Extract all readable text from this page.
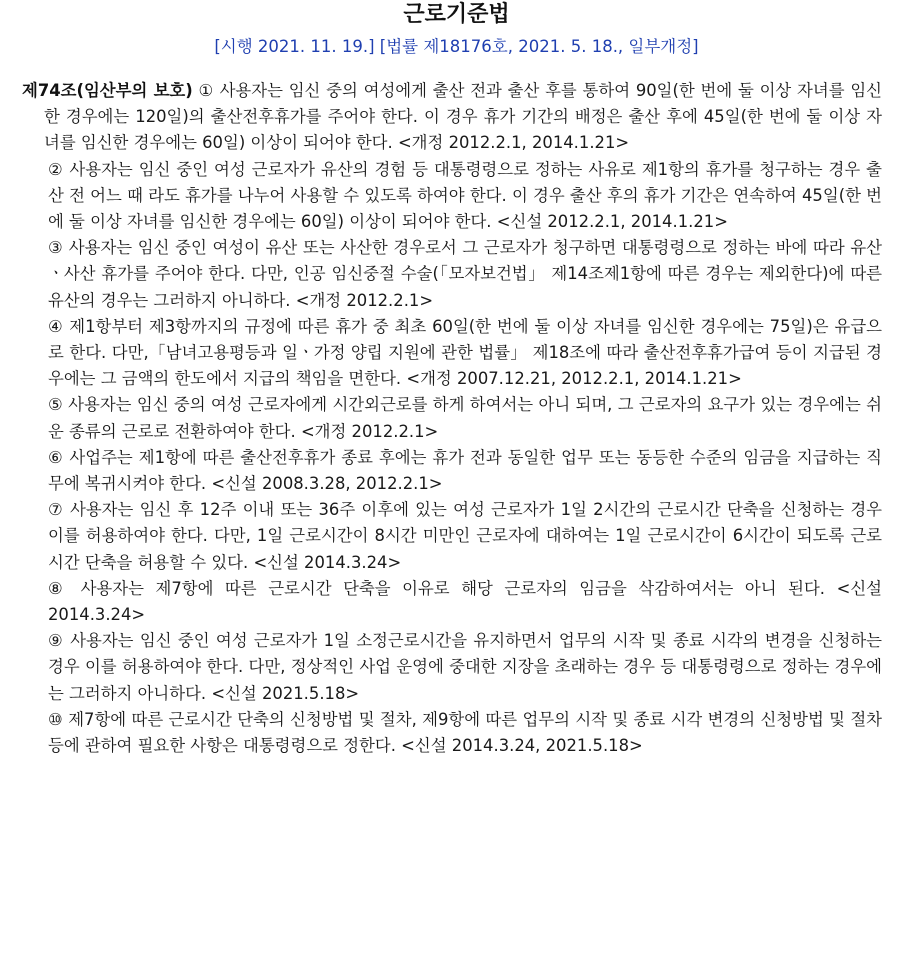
근로기준법
[시행 2021. 11. 19.] [법률 제18176호, 2021. 5. 18., 일부개정]

제74조(임산부의 보호) ① 사용자는 임신 중의 여성에게 출산 전과 출산 후를 통하여 90일(한 번에 둘 이상 자녀를 임신한 경우에는 120일)의 출산전후휴가를 주어야 한다. 이 경우 휴가 기간의 배정은 출산 후에 45일(한 번에 둘 이상 자녀를 임신한 경우에는 60일) 이상이 되어야 한다. <개정 2012.2.1, 2014.1.21>

② 사용자는 임신 중인 여성 근로자가 유산의 경험 등 대통령령으로 정하는 사유로 제1항의 휴가를 청구하는 경우 출산 전 어느 때 라도 휴가를 나누어 사용할 수 있도록 하여야 한다. 이 경우 출산 후의 휴가 기간은 연속하여 45일(한 번에 둘 이상 자녀를 임신한 경우에는 60일) 이상이 되어야 한다. <신설 2012.2.1, 2014.1.21>

③ 사용자는 임신 중인 여성이 유산 또는 사산한 경우로서 그 근로자가 청구하면 대통령령으로 정하는 바에 따라 유산ㆍ사산 휴가를 주어야 한다. 다만, 인공 임신중절 수술(「모자보건법」 제14조제1항에 따른 경우는 제외한다)에 따른 유산의 경우는 그러하지 아니하다. <개정 2012.2.1>

④ 제1항부터 제3항까지의 규정에 따른 휴가 중 최초 60일(한 번에 둘 이상 자녀를 임신한 경우에는 75일)은 유급으로 한다. 다만,「남녀고용평등과 일ㆍ가정 양립 지원에 관한 법률」 제18조에 따라 출산전후휴가급여 등이 지급된 경우에는 그 금액의 한도에서 지급의 책임을 면한다. <개정 2007.12.21, 2012.2.1, 2014.1.21>

⑤ 사용자는 임신 중의 여성 근로자에게 시간외근로를 하게 하여서는 아니 되며, 그 근로자의 요구가 있는 경우에는 쉬운 종류의 근로로 전환하여야 한다. <개정 2012.2.1>

⑥ 사업주는 제1항에 따른 출산전후휴가 종료 후에는 휴가 전과 동일한 업무 또는 동등한 수준의 임금을 지급하는 직무에 복귀시켜야 한다. <신설 2008.3.28, 2012.2.1>

⑦ 사용자는 임신 후 12주 이내 또는 36주 이후에 있는 여성 근로자가 1일 2시간의 근로시간 단축을 신청하는 경우 이를 허용하여야 한다. 다만, 1일 근로시간이 8시간 미만인 근로자에 대하여는 1일 근로시간이 6시간이 되도록 근로시간 단축을 허용할 수 있다. <신설 2014.3.24>

⑧ 사용자는 제7항에 따른 근로시간 단축을 이유로 해당 근로자의 임금을 삭감하여서는 아니 된다. <신설 2014.3.24>

⑨ 사용자는 임신 중인 여성 근로자가 1일 소정근로시간을 유지하면서 업무의 시작 및 종료 시각의 변경을 신청하는 경우 이를 허용하여야 한다. 다만, 정상적인 사업 운영에 중대한 지장을 초래하는 경우 등 대통령령으로 정하는 경우에는 그러하지 아니하다. <신설 2021.5.18>

⑩ 제7항에 따른 근로시간 단축의 신청방법 및 절차, 제9항에 따른 업무의 시작 및 종료 시각 변경의 신청방법 및 절차 등에 관하여 필요한 사항은 대통령령으로 정한다. <신설 2014.3.24, 2021.5.18>
